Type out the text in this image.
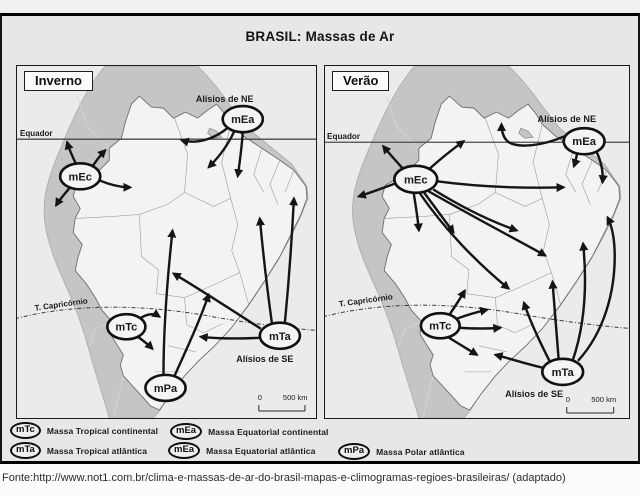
BRASIL: Massas de Ar
Equador
T. Capricórnio
mEa
mEc
mTc
mPa
mTa
Alísios de NE
Alísios de SE
0	500 km
Inverno
Equador
T. Capricórnio
mEa
mEc
mTc
mTa
Alísios de NE
Alísios de SE
0	500 km
Verão
mTc	Massa Tropical continental	mEa	Massa Equatorial continental
mTa	Massa Tropical atlântica	mEa	Massa Equatorial atlântica	mPa	Massa Polar atlântica
Fonte:http://www.not1.com.br/clima-e-massas-de-ar-do-brasil-mapas-e-climogramas-regioes-brasileiras/ (adaptado)
